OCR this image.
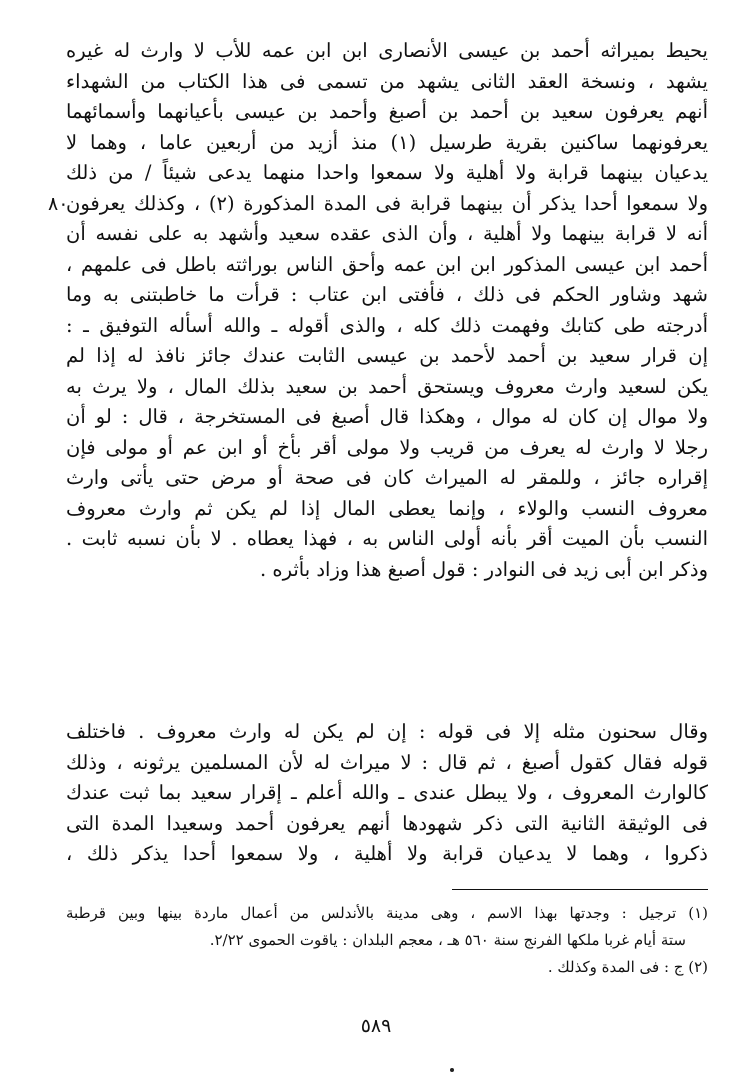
يحيط بميراثه أحمد بن عيسى الأنصارى ابن ابن عمه للأب لا وارث له غيره
يشهد ، ونسخة العقد الثانى يشهد من تسمى فى هذا الكتاب من الشهداء
أنهم يعرفون سعيد بن أحمد بن أصبغ وأحمد بن عيسى بأعيانهما وأسمائهما
يعرفونهما ساكنين بقرية طرسيل (١) منذ أزيد من أربعين عاما ، وهما لا
يدعيان بينهما قرابة ولا أهلية ولا سمعوا واحدا منهما يدعى شيئاً / من ذلك
ولا سمعوا أحدا يذكر أن بينهما قرابة فى المدة المذكورة (٢) ، وكذلك يعرفون
أنه لا قرابة بينهما ولا أهلية ، وأن الذى عقده سعيد وأشهد به على نفسه أن
أحمد ابن عيسى المذكور ابن ابن عمه وأحق الناس بوراثته باطل فى علمهم ،
شهد وشاور الحكم فى ذلك ، فأفتى ابن عتاب : قرأت ما خاطبتنى به وما
أدرجته طى كتابك وفهمت ذلك كله ، والذى أقوله ـ والله أسأله التوفيق ـ :
إن قرار سعيد بن أحمد لأحمد بن عيسى الثابت عندك جائز نافذ له إذا لم
يكن لسعيد وارث معروف ويستحق أحمد بن سعيد بذلك المال ، ولا يرث به
ولا موال إن كان له موال ، وهكذا قال أصبغ فى المستخرجة ، قال : لو أن
رجلا لا وارث له يعرف من قريب ولا مولى أقر بأخ أو ابن عم أو مولى فإن
إقراره جائز ، وللمقر له الميراث كان فى صحة أو مرض حتى يأتى وارث
معروف النسب والولاء ، وإنما يعطى المال إذا لم يكن ثم وارث معروف
النسب بأن الميت أقر بأنه أولى الناس به ، فهذا يعطاه . لا بأن نسبه ثابت .
وذكر ابن أبى زيد فى النوادر : قول أصبغ هذا وزاد بأثره .
٨٠
وقال سحنون مثله إلا فى قوله : إن لم يكن له وارث معروف . فاختلف
قوله فقال كقول أصبغ ، ثم قال : لا ميراث له لأن المسلمين يرثونه ، وذلك
كالوارث المعروف ، ولا يبطل عندى ـ والله أعلم ـ إقرار سعيد بما ثبت عندك
فى الوثيقة الثانية التى ذكر شهودها أنهم يعرفون أحمد وسعيدا المدة التى
ذكروا ، وهما لا يدعيان قرابة ولا أهلية ، ولا سمعوا أحدا يذكر ذلك ،
(١) ترجيل : وجدتها بهذا الاسم ، وهى مدينة بالأندلس من أعمال ماردة بينها وبين قرطبة
ستة أيام غربا ملكها الفرنج سنة ٥٦٠ هـ ، معجم البلدان : ياقوت الحموى ٢/٢٢.
(٢) ج : فى المدة وكذلك .
٥٨٩
